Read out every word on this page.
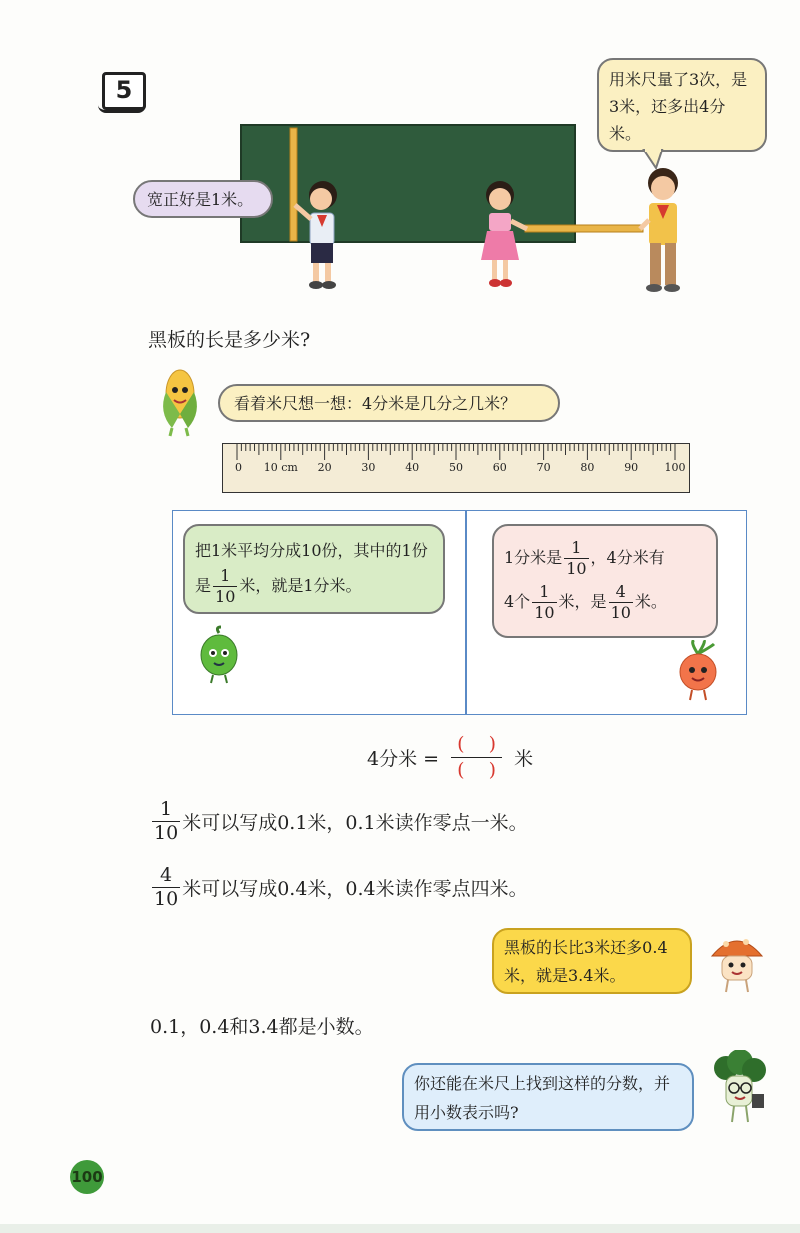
5	用米尺量了3次，是3米，还多出4分米。
宽正好是1米。
黑板的长是多少米?
看着米尺想一想：4分米是几分之几米？
0 10 cm 20	30	40	50	60	70	80	90 100
把1米平均分成10份，其中的1份是 $\frac{1}{10}$ 米，就是1分米。
1分米是 $\frac{1}{10}$ ，4分米有
4个 $\frac{1}{10}$ 米，是 $\frac{4}{10}$ 米。
4分米 = $\frac{( )}{( )}$ 米
$\frac{1}{10}$ 米可以写成0.1米，0.1米读作零点一米。
$\frac{4}{10}$ 米可以写成0.4米，0.4米读作零点四米。
黑板的长比3米还多0.4米，就是3.4米。
0.1，0.4和3.4都是小数。
你还能在米尺上找到这样的分数，并用小数表示吗?
100
